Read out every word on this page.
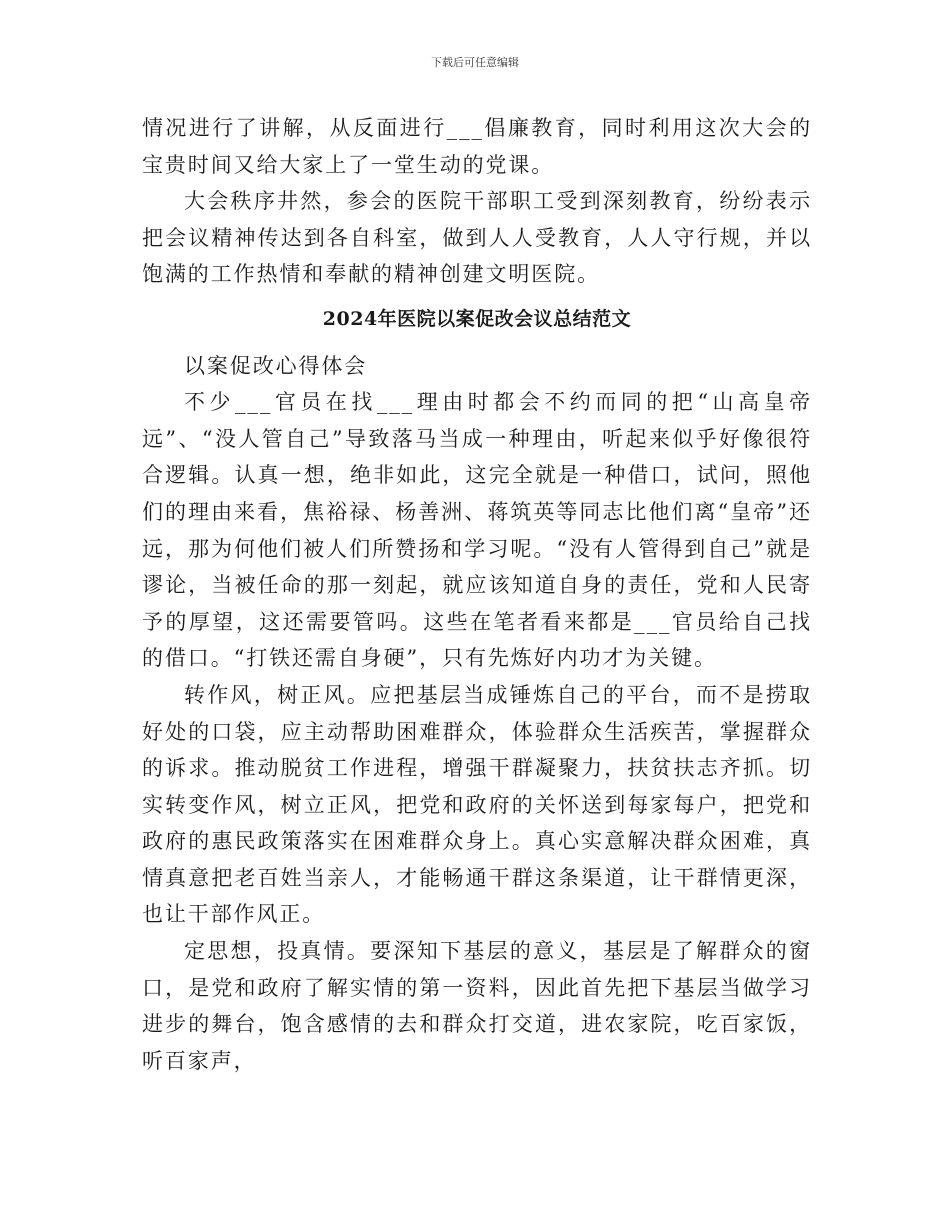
下载后可任意编辑

情况进行了讲解，从反面进行___倡廉教育，同时利用这次大会的宝贵时间又给大家上了一堂生动的党课。

大会秩序井然，参会的医院干部职工受到深刻教育，纷纷表示把会议精神传达到各自科室，做到人人受教育，人人守行规，并以饱满的工作热情和奉献的精神创建文明医院。

2024年医院以案促改会议总结范文

以案促改心得体会

不少___官员在找___理由时都会不约而同的把“山高皇帝远”、“没人管自己”导致落马当成一种理由，听起来似乎好像很符合逻辑。认真一想，绝非如此，这完全就是一种借口，试问，照他们的理由来看，焦裕禄、杨善洲、蒋筑英等同志比他们离“皇帝”还远，那为何他们被人们所赞扬和学习呢。“没有人管得到自己”就是谬论，当被任命的那一刻起，就应该知道自身的责任，党和人民寄予的厚望，这还需要管吗。这些在笔者看来都是___官员给自己找的借口。“打铁还需自身硬”，只有先炼好内功才为关键。

转作风，树正风。应把基层当成锤炼自己的平台，而不是捞取好处的口袋，应主动帮助困难群众，体验群众生活疾苦，掌握群众的诉求。推动脱贫工作进程，增强干群凝聚力，扶贫扶志齐抓。切实转变作风，树立正风，把党和政府的关怀送到每家每户，把党和政府的惠民政策落实在困难群众身上。真心实意解决群众困难，真情真意把老百姓当亲人，才能畅通干群这条渠道，让干群情更深，也让干部作风正。

定思想，投真情。要深知下基层的意义，基层是了解群众的窗口，是党和政府了解实情的第一资料，因此首先把下基层当做学习进步的舞台，饱含感情的去和群众打交道，进农家院，吃百家饭，听百家声，
